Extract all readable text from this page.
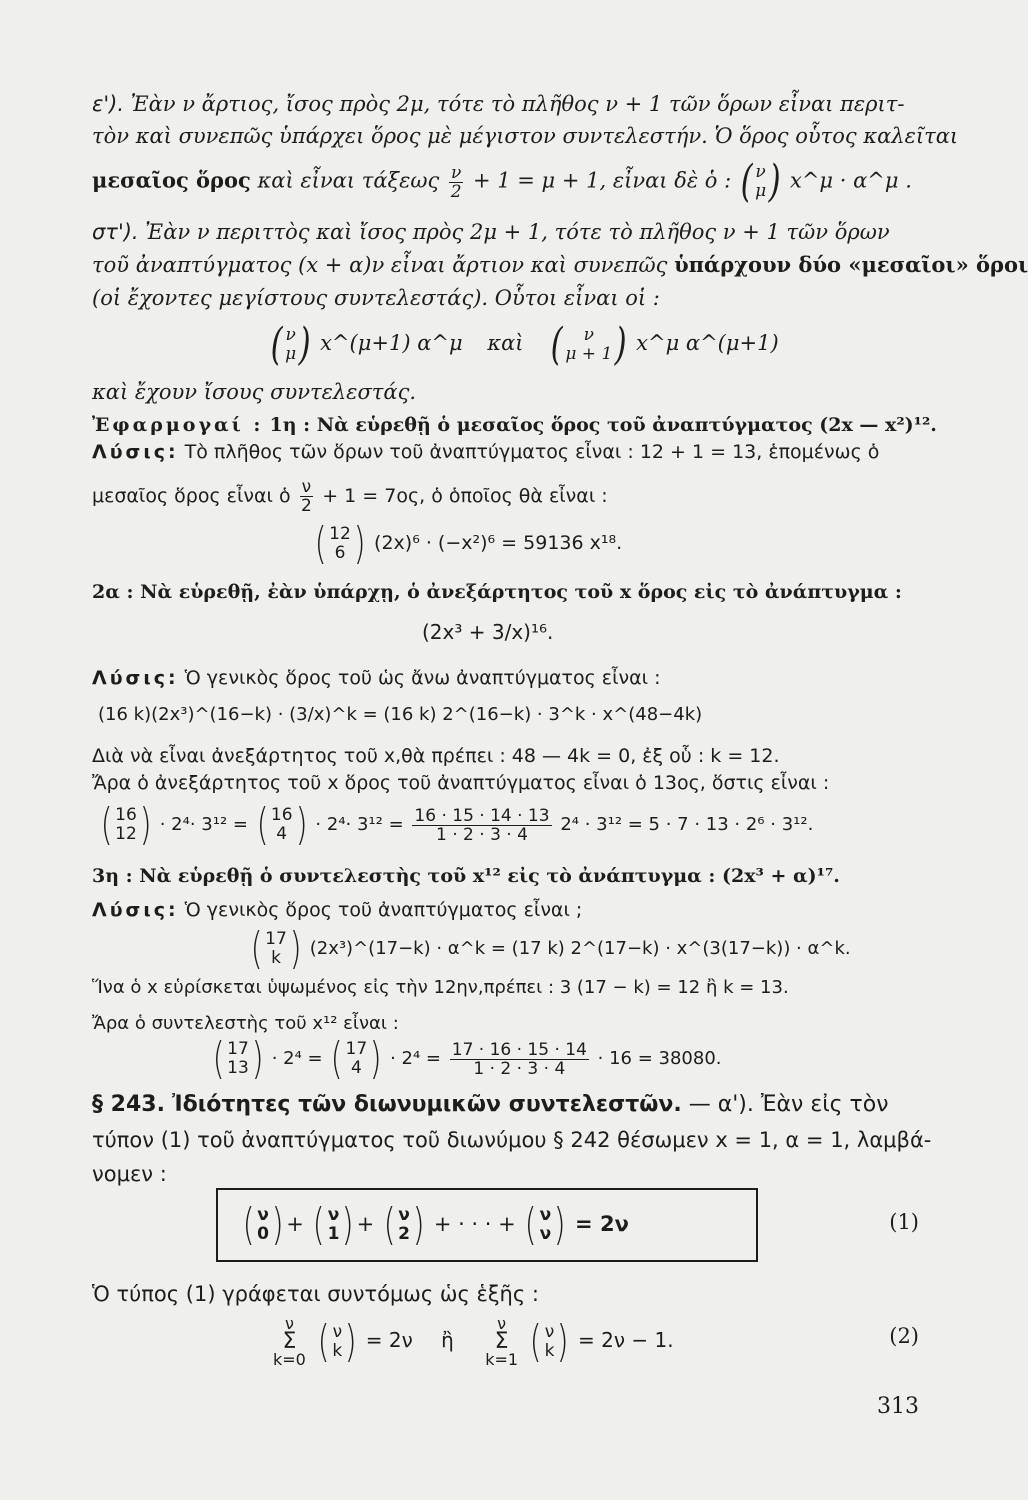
ε'). Ἐὰν ν ἄρτιος, ἴσος πρὸς 2μ, τότε τὸ πλῆθος ν + 1 τῶν ὅρων εἶναι περιτ-
τὸν καὶ συνεπῶς ὑπάρχει ὅρος μὲ μέγιστον συντελεστήν. Ὁ ὅρος οὗτος καλεῖται
μεσαῖος ὅρος καὶ εἶναι τάξεως $\frac{\nu}{2} + 1 = \mu + 1$, εἶναι δὲ ὁ : ( ν
μ ) x^μ · α^μ .
στ'). Ἐὰν ν περιττὸς καὶ ἴσος πρὸς 2μ + 1, τότε τὸ πλῆθος ν + 1 τῶν ὅρων
τοῦ ἀναπτύγματος (x + α)ν εἶναι ἄρτιον καὶ συνεπῶς ὑπάρχουν δύο «μεσαῖοι» ὅροι
(οἱ ἔχοντες μεγίστους συντελεστάς). Οὗτοι εἶναι οἱ :
( ν
μ ) x^(μ+1) α^μ καὶ (	ν
μ + 1 ) x^μ α^(μ+1)
καὶ ἔχουν ἴσους συντελεστάς.
Ἐφαρμογαί : 1η : Νὰ εὑρεθῇ ὁ μεσαῖος ὅρος τοῦ ἀναπτύγματος (2x — x²)¹².
Λύσις: Τὸ πλῆθος τῶν ὅρων τοῦ ἀναπτύγματος εἶναι : 12 + 1 = 13, ἑπομένως ὁ
μεσαῖος ὅρος εἶναι ὁ $\frac{\nu}{2} + 1 = 7o\varsigma$, ὁ ὁποῖος θὰ εἶναι :
( 12
6 ) (2x)⁶ · (−x²)⁶ = 59136 x¹⁸.
2α : Νὰ εὑρεθῇ, ἐὰν ὑπάρχῃ, ὁ ἀνεξάρτητος τοῦ x ὅρος εἰς τὸ ἀνάπτυγμα :
(2x³ + 3/x)¹⁶.
Λύσις: Ὁ γενικὸς ὅρος τοῦ ὡς ἄνω ἀναπτύγματος εἶναι :
(16 k)(2x³)^(16−k) · (3/x)^k = (16 k) 2^(16−k) · 3^k · x^(48−4k)
Διὰ νὰ εἶναι ἀνεξάρτητος τοῦ x,θὰ πρέπει : 48 — 4k = 0, ἐξ οὗ : k = 12.
Ἄρα ὁ ἀνεξάρτητος τοῦ x ὅρος τοῦ ἀναπτύγματος εἶναι ὁ 13ος, ὅστις εἶναι :
( 16
12 ) · 2⁴· 3¹² = ( 16
4 ) · $2^4\cdot 3^{12} = \frac{16 \cdot 15 \cdot 14 \cdot 13}{1 \cdot 2 \cdot 3 \cdot 4} 2^4 \cdot 3^{12} = 5 \cdot 7 \cdot 13 \cdot 2^6 \cdot 3^{12}$.
3η : Νὰ εὑρεθῇ ὁ συντελεστὴς τοῦ x¹² εἰς τὸ ἀνάπτυγμα : (2x³ + α)¹⁷.
Λύσις: Ὁ γενικὸς ὅρος τοῦ ἀναπτύγματος εἶναι ;
( 17
k ) (2x³)^(17−k) · α^k = (17 k) 2^(17−k) · x^(3(17−k)) · α^k.
Ἵνα ὁ x εὑρίσκεται ὑψωμένος εἰς τὴν 12ην,πρέπει : 3 (17 − k) = 12 ἢ k = 13.
Ἄρα ὁ συντελεστὴς τοῦ x¹² εἶναι :
( 17
13 ) · 2⁴ = ( 17
4 ) · $2^4 = \frac{17 \cdot 16 \cdot 15 \cdot 14}{1 \cdot 2 \cdot 3 \cdot 4} \cdot 16 = 38080$.
§ 243. Ἰδιότητες τῶν διωνυμικῶν συντελεστῶν. — α'). Ἐὰν εἰς τὸν
τύπον (1) τοῦ ἀναπτύγματος τοῦ διωνύμου § 242 θέσωμεν x = 1, α = 1, λαμβά-
νομεν :
( ν
0 ) + ( ν
1 ) + ( ν
2 ) + · · · + ( ν
ν ) = 2ν	(1)
Ὁ τύπος (1) γράφεται συντόμως ὡς ἑξῆς :
ν
Σ
k=0
( ν
k ) = 2ν ἢ
ν
Σ
k=1
( ν
k ) = 2ν − 1.	(2)
313
